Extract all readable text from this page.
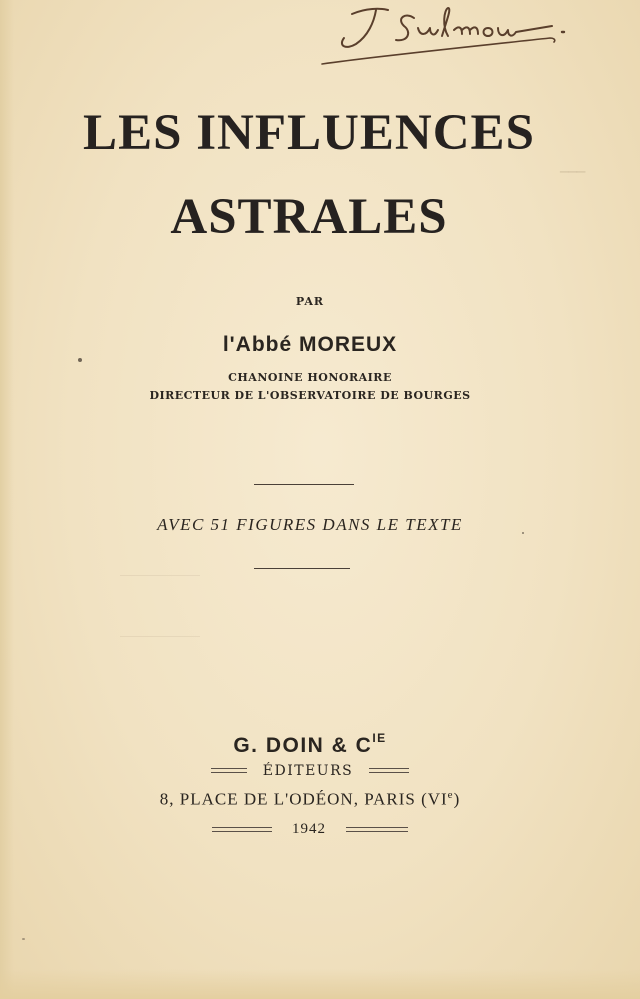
▁▁▁
LES INFLUENCES
ASTRALES
PAR
l'Abbé MOREUX
CHANOINE HONORAIRE
DIRECTEUR DE L'OBSERVATOIRE DE BOURGES
AVEC 51 FIGURES DANS LE TEXTE
G. DOIN & $C^{IE}$
ÉDITEURS
8, PLACE DE L'ODÉON, PARIS (VIe)
1942
